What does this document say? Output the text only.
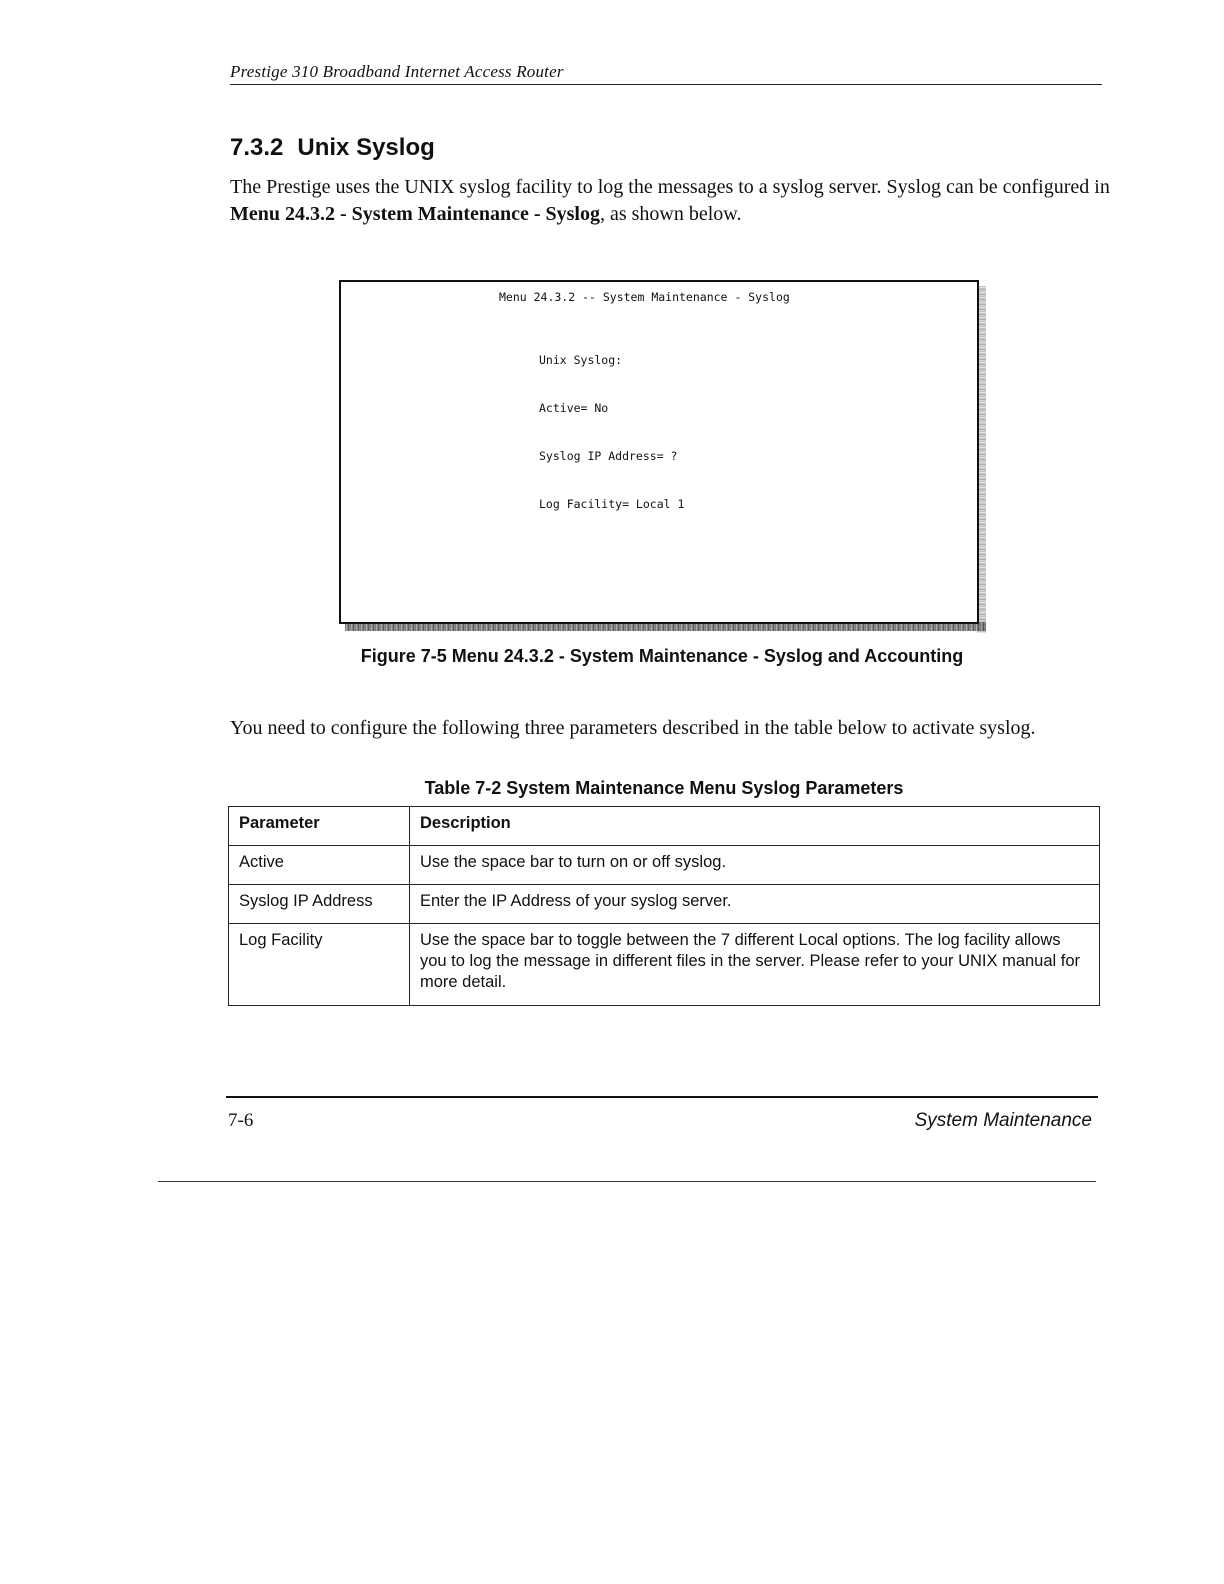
Prestige 310 Broadband Internet Access Router
7.3.2 Unix Syslog

The Prestige uses the UNIX syslog facility to log the messages to a syslog server. Syslog can be configured in Menu 24.3.2 - System Maintenance - Syslog, as shown below.

Menu 24.3.2 -- System Maintenance - Syslog

Unix Syslog:

Active= No

Syslog IP Address= ?

Log Facility= Local 1

Figure 7-5 Menu 24.3.2 - System Maintenance - Syslog and Accounting

You need to configure the following three parameters described in the table below to activate syslog.

Table 7-2 System Maintenance Menu Syslog Parameters
Parameter	Description
Active	Use the space bar to turn on or off syslog.
Syslog IP Address	Enter the IP Address of your syslog server.
Log Facility	Use the space bar to toggle between the 7 different Local options. The log facility allows you to log the message in different files in the server. Please refer to your UNIX manual for more detail.
7-6	System Maintenance
